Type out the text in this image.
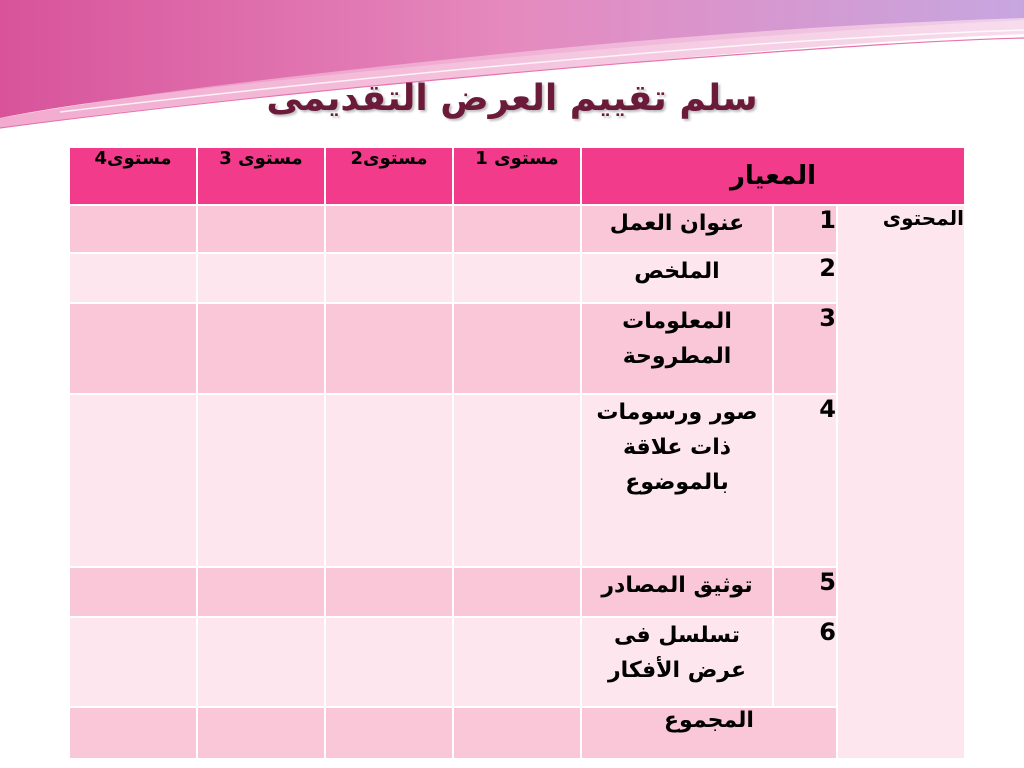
سلم تقييم العرض التقديمى
المعيار			مستوى 1	مستوى2	مستوى 3	مستوى4
المحتوى	1	عنوان العمل				
	2	الملخص				
	3	المعلومات المطروحة				
	4	صور ورسومات ذات علاقة بالموضوع				
	5	توثيق المصادر				
	6	تسلسل فى عرض الأفكار				
	المجموع					
